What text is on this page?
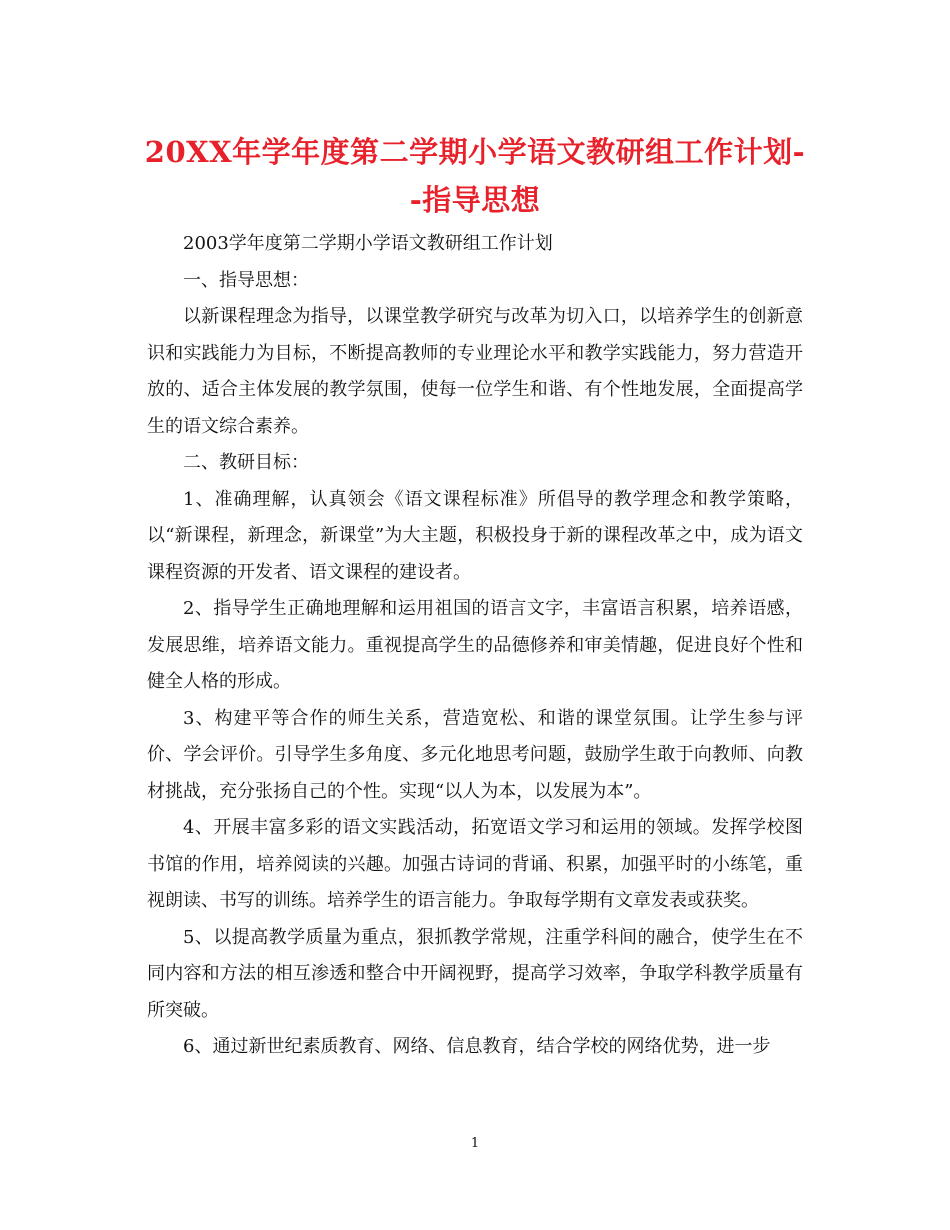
20XX年学年度第二学期小学语文教研组工作计划--指导思想

2003学年度第二学期小学语文教研组工作计划

一、指导思想：

以新课程理念为指导，以课堂教学研究与改革为切入口，以培养学生的创新意识和实践能力为目标，不断提高教师的专业理论水平和教学实践能力，努力营造开放的、适合主体发展的教学氛围，使每一位学生和谐、有个性地发展，全面提高学生的语文综合素养。

二、教研目标：

1、准确理解，认真领会《语文课程标准》所倡导的教学理念和教学策略，以“新课程，新理念，新课堂”为大主题，积极投身于新的课程改革之中，成为语文课程资源的开发者、语文课程的建设者。

2、指导学生正确地理解和运用祖国的语言文字，丰富语言积累，培养语感，发展思维，培养语文能力。重视提高学生的品德修养和审美情趣，促进良好个性和健全人格的形成。

3、构建平等合作的师生关系，营造宽松、和谐的课堂氛围。让学生参与评价、学会评价。引导学生多角度、多元化地思考问题，鼓励学生敢于向教师、向教材挑战，充分张扬自己的个性。实现“以人为本，以发展为本”。

4、开展丰富多彩的语文实践活动，拓宽语文学习和运用的领域。发挥学校图书馆的作用，培养阅读的兴趣。加强古诗词的背诵、积累，加强平时的小练笔，重视朗读、书写的训练。培养学生的语言能力。争取每学期有文章发表或获奖。

5、以提高教学质量为重点，狠抓教学常规，注重学科间的融合，使学生在不同内容和方法的相互渗透和整合中开阔视野，提高学习效率，争取学科教学质量有所突破。

6、通过新世纪素质教育、网络、信息教育，结合学校的网络优势，进一步

1
